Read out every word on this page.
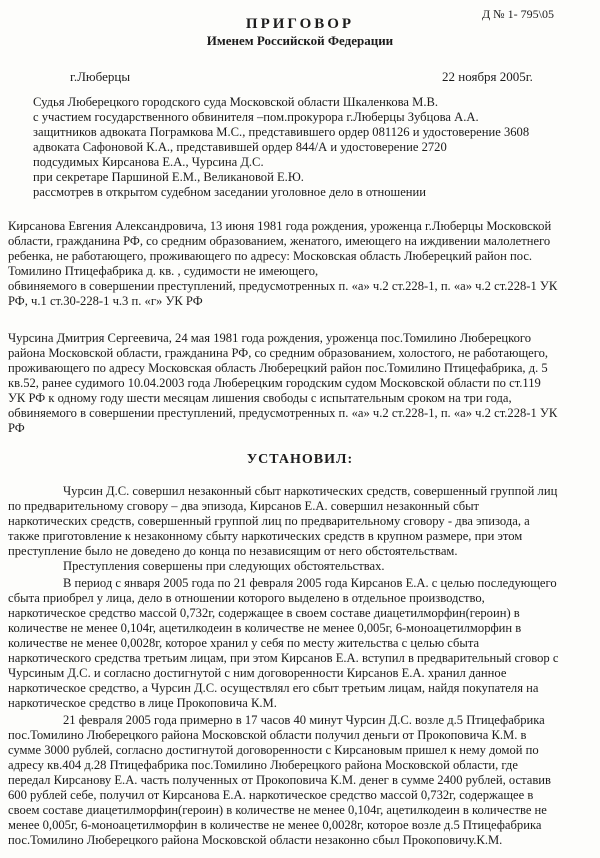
Д № 1- 795\05
ПРИГОВОР
Именем Российской Федерации
г.Люберцы	22 ноября 2005г.
Судья Люберецкого городского суда Московской области Шкаленкова М.В.
с участием государственного обвинителя –пом.прокурора г.Люберцы Зубцова А.А.
защитников адвоката Пограмкова М.С., представившего ордер 081126 и удостоверение 3608
адвоката Сафоновой К.А., представившей ордер 844/А и удостоверение 2720
подсудимых Кирсанова Е.А., Чурсина Д.С.
при секретаре Паршиной Е.М., Великановой Е.Ю.
рассмотрев в открытом судебном заседании уголовное дело в отношении
Кирсанова Евгения Александровича, 13 июня 1981 года рождения, уроженца г.Люберцы Московской
области, гражданина РФ, со средним образованием, женатого, имеющего на иждивении малолетнего
ребенка, не работающего, проживающего по адресу: Московская область Люберецкий район пос.
Томилино Птицефабрика д. кв. , судимости не имеющего,
обвиняемого в совершении преступлений, предусмотренных п. «а» ч.2 ст.228-1, п. «а» ч.2 ст.228-1 УК
РФ, ч.1 ст.30-228-1 ч.3 п. «г» УК РФ
Чурсина Дмитрия Сергеевича, 24 мая 1981 года рождения, уроженца пос.Томилино Люберецкого
района Московской области, гражданина РФ, со средним образованием, холостого, не работающего,
проживающего по адресу Московская область Люберецкий район пос.Томилино Птицефабрика, д. 5
кв.52, ранее судимого 10.04.2003 года Люберецким городским судом Московской области по ст.119
УК РФ к одному году шести месяцам лишения свободы с испытательным сроком на три года,
обвиняемого в совершении преступлений, предусмотренных п. «а» ч.2 ст.228-1, п. «а» ч.2 ст.228-1 УК
РФ
УСТАНОВИЛ:
Чурсин Д.С. совершил незаконный сбыт наркотических средств, совершенный группой лиц
по предварительному сговору – два эпизода, Кирсанов Е.А. совершил незаконный сбыт
наркотических средств, совершенный группой лиц по предварительному сговору - два эпизода, а
также приготовление к незаконному сбыту наркотических средств в крупном размере, при этом
преступление было не доведено до конца по независящим от него обстоятельствам.
Преступления совершены при следующих обстоятельствах.
В период с января 2005 года по 21 февраля 2005 года Кирсанов Е.А. с целью последующего
сбыта приобрел у лица, дело в отношении которого выделено в отдельное производство,
наркотическое средство массой 0,732г, содержащее в своем составе диацетилморфин(героин) в
количестве не менее 0,104г, ацетилкодеин в количестве не менее 0,005г, 6-моноацетилморфин в
количестве не менее 0,0028г, которое хранил у себя по месту жительства с целью сбыта
наркотического средства третьим лицам, при этом Кирсанов Е.А. вступил в предварительный сговор с
Чурсиным Д.С. и согласно достигнутой с ним договоренности Кирсанов Е.А. хранил данное
наркотическое средство, а Чурсин Д.С. осуществлял его сбыт третьим лицам, найдя покупателя на
наркотическое средство в лице Прокоповича К.М.
21 февраля 2005 года примерно в 17 часов 40 минут Чурсин Д.С. возле д.5 Птицефабрика
пос.Томилино Люберецкого района Московской области получил деньги от Прокоповича К.М. в
сумме 3000 рублей, согласно достигнутой договоренности с Кирсановым пришел к нему домой по
адресу кв.404 д.28 Птицефабрика пос.Томилино Люберецкого района Московской области, где
передал Кирсанову Е.А. часть полученных от Прокоповича К.М. денег в сумме 2400 рублей, оставив
600 рублей себе, получил от Кирсанова Е.А. наркотическое средство массой 0,732г, содержащее в
своем составе диацетилморфин(героин) в количестве не менее 0,104г, ацетилкодеин в количестве не
менее 0,005г, 6-моноацетилморфин в количестве не менее 0,0028г, которое возле д.5 Птицефабрика
пос.Томилино Люберецкого района Московской области незаконно сбыл Прокоповичу.К.М.
